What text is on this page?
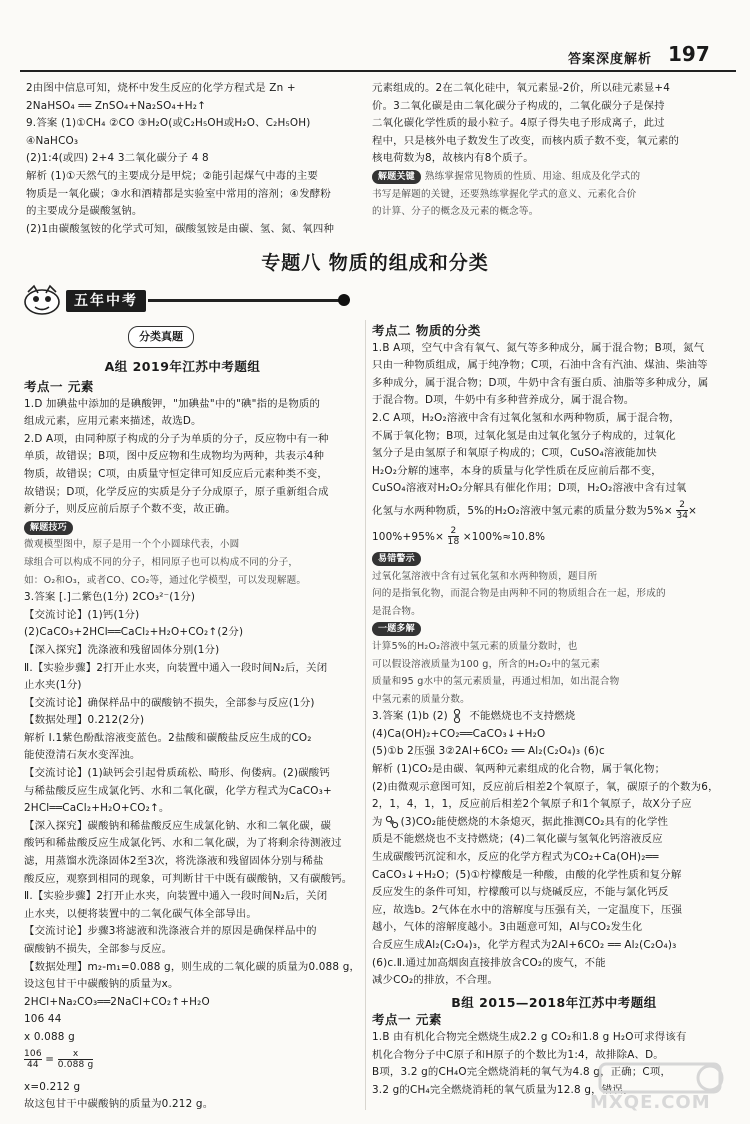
答案深度解析 197
2由图中信息可知，烧杯中发生反应的化学方程式是 Zn +
2NaHSO₄ ══ ZnSO₄+Na₂SO₄+H₂↑
9.答案 (1)①CH₄ ②CO ③H₂O(或C₂H₅OH或H₂O、C₂H₅OH)
④NaHCO₃
(2)1:4(或四) 2+4 3二氧化碳分子 4 8
解析 (1)①天然气的主要成分是甲烷；②能引起煤气中毒的主要
物质是一氧化碳；③水和酒精都是实验室中常用的溶剂；④发酵粉
的主要成分是碳酸氢钠。
(2)1由碳酸氢铵的化学式可知，碳酸氢铵是由碳、氢、氮、氧四种
元素组成的。2在二氧化硅中，氧元素显-2价，所以硅元素显+4
价。3二氧化碳是由二氧化碳分子构成的，二氧化碳分子是保持
二氧化碳化学性质的最小粒子。4原子得失电子形成离子，此过
程中，只是核外电子数发生了改变，而核内质子数不变，氧元素的
核电荷数为8，故核内有8个质子。
解题关键 熟练掌握常见物质的性质、用途、组成及化学式的
书写是解题的关键，还要熟练掌握化学式的意义、元素化合价
的计算、分子的概念及元素的概念等。
专题八 物质的组成和分类
五年中考
分类真题
A组 2019年江苏中考题组
考点一 元素
1.D 加碘盐中添加的是碘酸钾，"加碘盐"中的"碘"指的是物质的
组成元素，应用元素来描述，故选D。
2.D A项，由同种原子构成的分子为单质的分子，反应物中有一种
单质，故错误；B项，图中反应物和生成物均为两种，共表示4种
物质，故错误；C项，由质量守恒定律可知反应后元素种类不变，
故错误；D项，化学反应的实质是分子分成原子，原子重新组合成
新分子，则反应前后原子个数不变，故正确。
解题技巧
微观模型图中，原子是用一个个小圆球代表，小圆
球组合可以构成不同的分子，相同原子也可以构成不同的分子，
如：O₂和O₃，或者CO、CO₂等，通过化学模型，可以发现解题。
3.答案 [.]二紫色(1分) 2CO₃²⁻(1分)
【交流讨论】(1)钙(1分)
(2)CaCO₃+2HCl══CaCl₂+H₂O+CO₂↑(2分)
【深入探究】洗涤液和残留固体分别(1分)
Ⅱ.【实验步骤】2打开止水夹，向装置中通入一段时间N₂后，关闭
止水夹(1分)
【交流讨论】确保样品中的碳酸钠不损失，全部参与反应(1分)
【数据处理】0.212(2分)
解析 I.1紫色酚酞溶液变蓝色。2盐酸和碳酸盐反应生成的CO₂
能使澄清石灰水变浑浊。
【交流讨论】(1)缺钙会引起骨质疏松、畸形、佝偻病。(2)碳酸钙
与稀盐酸反应生成氯化钙、水和二氧化碳，化学方程式为CaCO₃+
2HCl══CaCl₂+H₂O+CO₂↑。
【深入探究】碳酸钠和稀盐酸反应生成氯化钠、水和二氧化碳，碳
酸钙和稀盐酸反应生成氯化钙、水和二氧化碳，为了将剩余待测液过
滤，用蒸馏水洗涤固体2至3次，将洗涤液和残留固体分别与稀盐
酸反应，观察到相同的现象，可判断甘干中既有碳酸钠，又有碳酸钙。
Ⅱ.【实验步骤】2打开止水夹，向装置中通入一段时间N₂后，关闭
止水夹，以便将装置中的二氧化碳气体全部导出。
【交流讨论】步骤3将滤液和洗涤液合并的原因是确保样品中的
碳酸钠不损失，全部参与反应。
【数据处理】m₂-m₁=0.088 g，则生成的二氧化碳的质量为0.088 g，
设这包甘干中碳酸钠的质量为x。
2HCl+Na₂CO₃══2NaCl+CO₂↑+H₂O
106 44
x 0.088 g
$\frac{106}{44} = \frac{x}{0.088 g}$
x=0.212 g
故这包甘干中碳酸钠的质量为0.212 g。
考点二 物质的分类
1.B A项，空气中含有氧气、氮气等多种成分，属于混合物；B项，氮气
只由一种物质组成，属于纯净物；C项，石油中含有汽油、煤油、柴油等
多种成分，属于混合物；D项，牛奶中含有蛋白质、油脂等多种成分，属
于混合物。D项，牛奶中有多种营养成分，属于混合物。
2.C A项，H₂O₂溶液中含有过氧化氢和水两种物质，属于混合物，
不属于氧化物；B项，过氧化氢是由过氧化氢分子构成的，过氧化
氢分子是由氢原子和氧原子构成的；C项，CuSO₄溶液能加快
H₂O₂分解的速率，本身的质量与化学性质在反应前后都不变，
CuSO₄溶液对H₂O₂分解具有催化作用；D项，H₂O₂溶液中含有过氧
化氢与水两种物质，5%的H₂O₂溶液中氢元素的质量分数为$5\%\times \frac{2}{34}$ ×
$100\%+95\%\times \frac{2}{18} \times 100\%\approx 10.8\%$
易错警示
过氧化氢溶液中含有过氧化氢和水两种物质，题目所
问的是指氧化物，而混合物是由两种不同的物质组合在一起，形成的
是混合物。
一题多解
计算5%的H₂O₂溶液中氢元素的质量分数时，也
可以假设溶液质量为100 g，所含的H₂O₂中的氢元素
质量和95 g水中的氢元素质量，再通过相加，如出混合物
中氢元素的质量分数。
3.答案 (1)b (2) 不能燃烧也不支持燃烧
(4)Ca(OH)₂+CO₂══CaCO₃↓+H₂O
(5)①b 2压强 3②2Al+6CO₂ ══ Al₂(C₂O₄)₃ (6)c
解析 (1)CO₂是由碳、氧两种元素组成的化合物，属于氧化物；
(2)由微观示意图可知，反应前后相差2个氧原子，氧，碳原子的个数为6，
2，1，4，1，1，反应前后相差2个氧原子和1个氧原子，故X分子应
为 (3)CO₂能使燃烧的木条熄灭，据此推测CO₂具有的化学性
质是不能燃烧也不支持燃烧；(4)二氧化碳与氢氧化钙溶液反应
生成碳酸钙沉淀和水，反应的化学方程式为CO₂+Ca(OH)₂══
CaCO₃↓+H₂O；(5)①柠檬酸是一种酸，由酸的化学性质和复分解
反应发生的条件可知，柠檬酸可以与烧碱反应，不能与氯化钙反
应，故选b。2气体在水中的溶解度与压强有关，一定温度下，压强
越小，气体的溶解度越小。3由题意可知，Al与CO₂发生化
合反应生成Al₂(C₂O₄)₃，化学方程式为2Al+6CO₂ ══ Al₂(C₂O₄)₃
(6)c.Ⅱ.通过加高烟囱直接排放含CO₂的废气，不能
减少CO₂的排放，不合理。
B组 2015—2018年江苏中考题组
考点一 元素
1.B 由有机化合物完全燃烧生成2.2 g CO₂和1.8 g H₂O可求得该有
机化合物分子中C原子和H原子的个数比为1:4，故排除A、D。
B项，3.2 g的CH₄O完全燃烧消耗的氧气为4.8 g，正确；C项，
3.2 g的CH₄完全燃烧消耗的氧气质量为12.8 g，错误。
MXQE.COM
